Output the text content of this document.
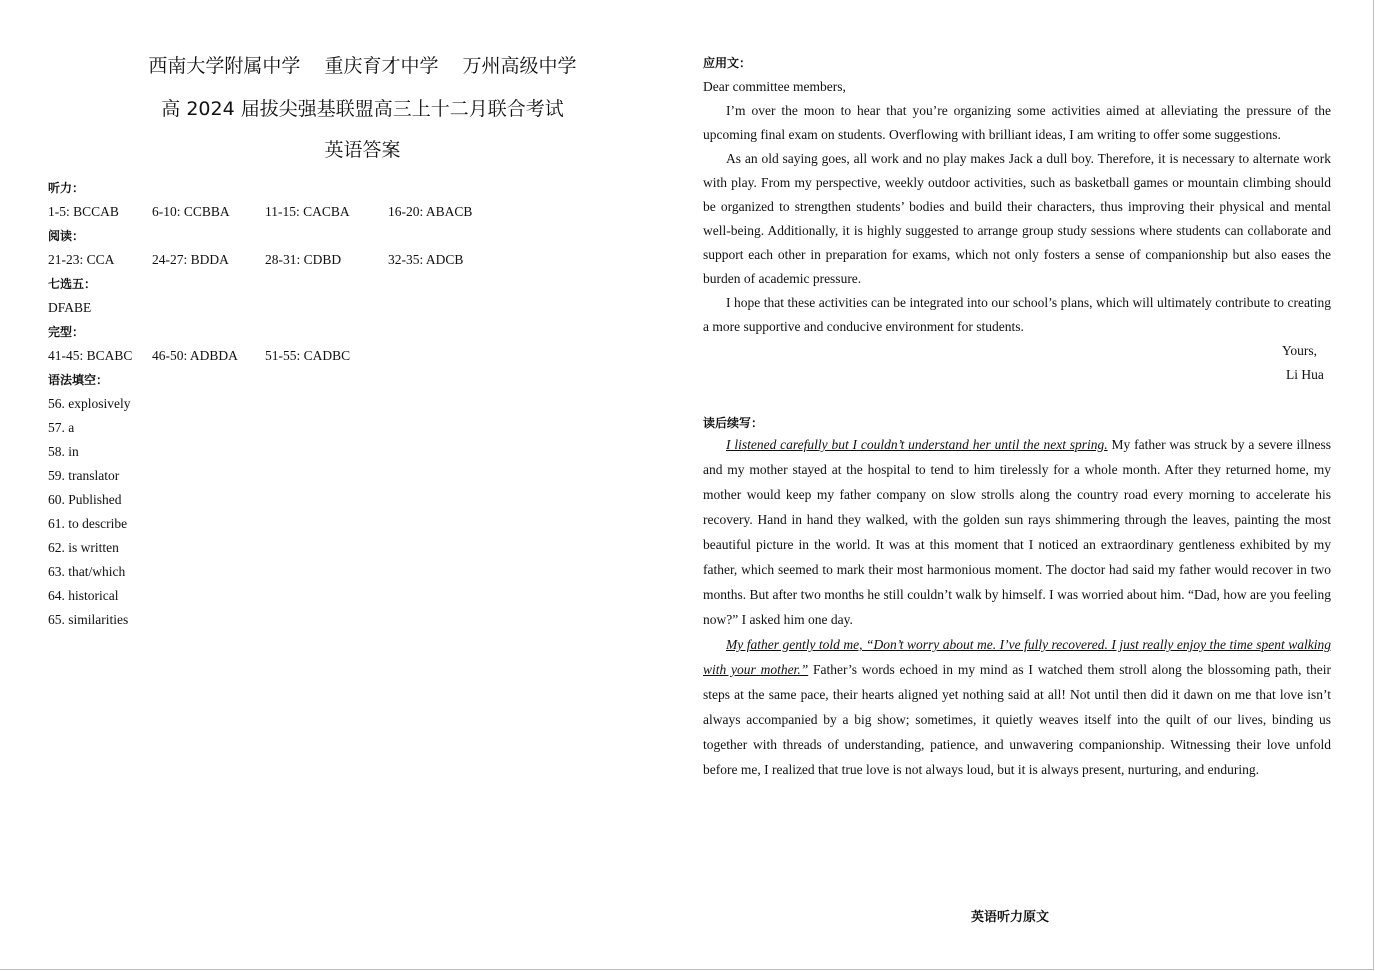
西南大学附属中学 重庆育才中学 万州高级中学
高 2024 届拔尖强基联盟高三上十二月联合考试
英语答案
听力：
1-5: BCCAB 6-10: CCBBA	11-15: CACBA	16-20: ABACB
阅读：
21-23: CCA	24-27: BDDA	28-31: CDBD	32-35: ADCB
七选五：
DFABE
完型：
41-45: BCABC 46-50: ADBDA 51-55: CADBC
语法填空：
56. explosively
57. a
58. in
59. translator
60. Published
61. to describe
62. is written
63. that/which
64. historical
65. similarities
应用文：

Dear committee members,

I’m over the moon to hear that you’re organizing some activities aimed at alleviating the pressure of the upcoming final exam on students. Overflowing with brilliant ideas, I am writing to offer some suggestions.

As an old saying goes, all work and no play makes Jack a dull boy. Therefore, it is necessary to alternate work with play. From my perspective, weekly outdoor activities, such as basketball games or mountain climbing should be organized to strengthen students’ bodies and build their characters, thus improving their physical and mental well-being. Additionally, it is highly suggested to arrange group study sessions where students can collaborate and support each other in preparation for exams, which not only fosters a sense of companionship but also eases the burden of academic pressure.

I hope that these activities can be integrated into our school’s plans, which will ultimately contribute to creating a more supportive and conducive environment for students.

Yours,
Li Hua
读后续写：

I listened carefully but I couldn’t understand her until the next spring. My father was struck by a severe illness and my mother stayed at the hospital to tend to him tirelessly for a whole month. After they returned home, my mother would keep my father company on slow strolls along the country road every morning to accelerate his recovery. Hand in hand they walked, with the golden sun rays shimmering through the leaves, painting the most beautiful picture in the world. It was at this moment that I noticed an extraordinary gentleness exhibited by my father, which seemed to mark their most harmonious moment. The doctor had said my father would recover in two months. But after two months he still couldn’t walk by himself. I was worried about him. “Dad, how are you feeling now?” I asked him one day.

My father gently told me, “Don’t worry about me. I’ve fully recovered. I just really enjoy the time spent walking with your mother.” Father’s words echoed in my mind as I watched them stroll along the blossoming path, their steps at the same pace, their hearts aligned yet nothing said at all! Not until then did it dawn on me that love isn’t always accompanied by a big show; sometimes, it quietly weaves itself into the quilt of our lives, binding us together with threads of understanding, patience, and unwavering companionship. Witnessing their love unfold before me, I realized that true love is not always loud, but it is always present, nurturing, and enduring.

英语听力原文
